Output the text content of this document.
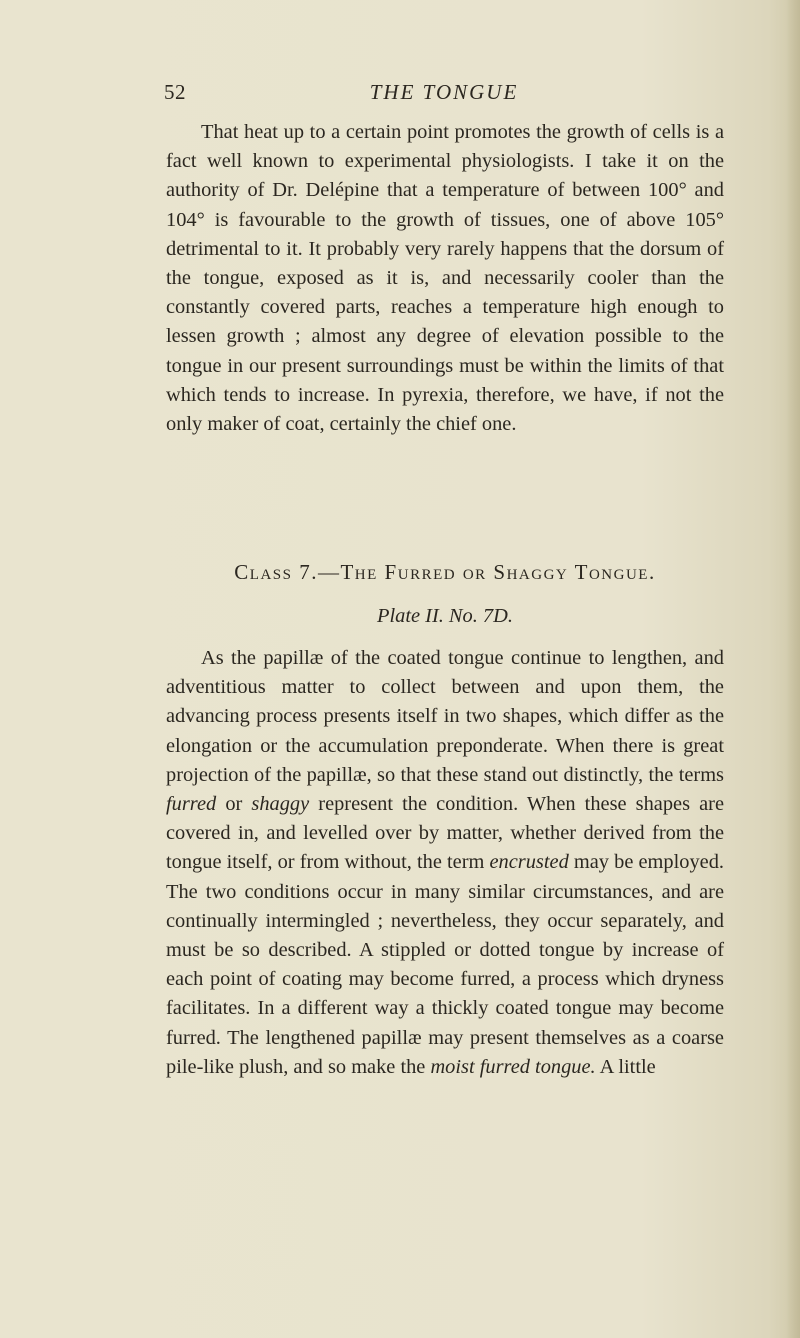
52	THE TONGUE

That heat up to a certain point promotes the growth of cells is a fact well known to experimental physiologists. I take it on the authority of Dr. Delépine that a temperature of between 100° and 104° is favourable to the growth of tissues, one of above 105° detrimental to it. It probably very rarely happens that the dorsum of the tongue, exposed as it is, and necessarily cooler than the constantly covered parts, reaches a temperature high enough to lessen growth ; almost any degree of elevation possible to the tongue in our present surroundings must be within the limits of that which tends to increase. In pyrexia, therefore, we have, if not the only maker of coat, certainly the chief one.

Class 7.—The Furred or Shaggy Tongue.
Plate II. No. 7D.

As the papillæ of the coated tongue continue to lengthen, and adventitious matter to collect between and upon them, the advancing process presents itself in two shapes, which differ as the elongation or the accumulation preponderate. When there is great projection of the papillæ, so that these stand out distinctly, the terms furred or shaggy represent the condition. When these shapes are covered in, and levelled over by matter, whether derived from the tongue itself, or from without, the term encrusted may be employed. The two conditions occur in many similar circumstances, and are continually intermingled ; nevertheless, they occur separately, and must be so described. A stippled or dotted tongue by increase of each point of coating may become furred, a process which dryness facilitates. In a different way a thickly coated tongue may become furred. The lengthened papillæ may present themselves as a coarse pile-like plush, and so make the moist furred tongue. A little
